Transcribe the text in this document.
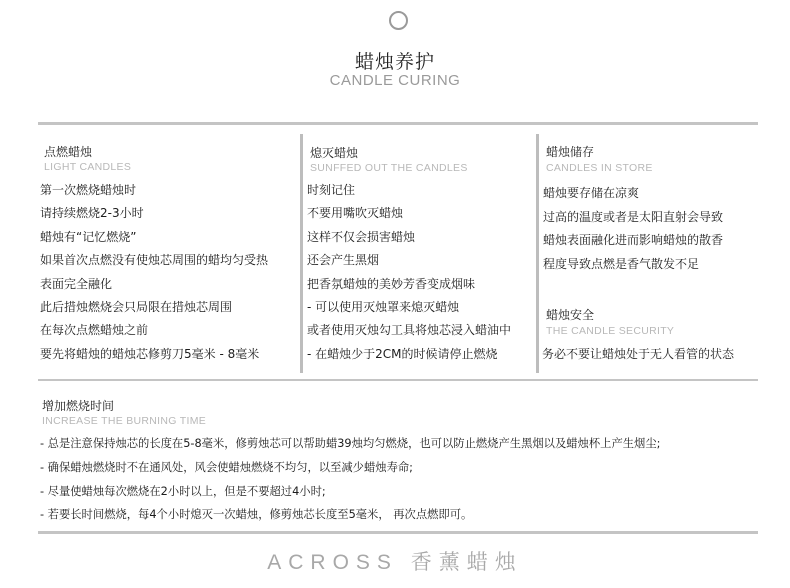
蜡烛养护
CANDLE CURING
点燃蜡烛
LIGHT CANDLES
第一次燃烧蜡烛时
请持续燃烧2-3小时
蜡烛有“记忆燃烧”
如果首次点燃没有使烛芯周围的蜡均匀受热
表面完全融化
此后措烛燃烧会只局限在措烛芯周围
在每次点燃蜡烛之前
要先将蜡烛的蜡烛芯修剪刀5毫米 - 8毫米
熄灭蜡烛
SUNFFED OUT THE CANDLES
时刻记住
不要用嘴吹灭蜡烛
这样不仅会损害蜡烛
还会产生黑烟
把香氛蜡烛的美妙芳香变成烟味
- 可以使用灭烛罩来熄灭蜡烛
或者使用灭烛勾工具将烛芯浸入蜡油中
- 在蜡烛少于2CM的时候请停止燃烧
蜡烛储存
CANDLES IN STORE
蜡烛要存储在凉爽
过高的温度或者是太阳直射会导致
蜡烛表面融化进而影响蜡烛的散香
程度导致点燃是香气散发不足
蜡烛安全
THE CANDLE SECURITY
务必不要让蜡烛处于无人看管的状态
增加燃烧时间
INCREASE THE BURNING TIME
- 总是注意保持烛芯的长度在5-8毫米，修剪烛芯可以帮助蜡39烛均匀燃烧，也可以防止燃烧产生黑烟以及蜡烛杯上产生烟尘;
- 确保蜡烛燃烧时不在通风处，风会使蜡烛燃烧不均匀，以至减少蜡烛寿命;
- 尽量使蜡烛每次燃烧在2小时以上，但是不要超过4小时;
- 若要长时间燃烧，每4个小时熄灭一次蜡烛，修剪烛芯长度至5毫米， 再次点燃即可。
ACROSS 香薰蜡烛
